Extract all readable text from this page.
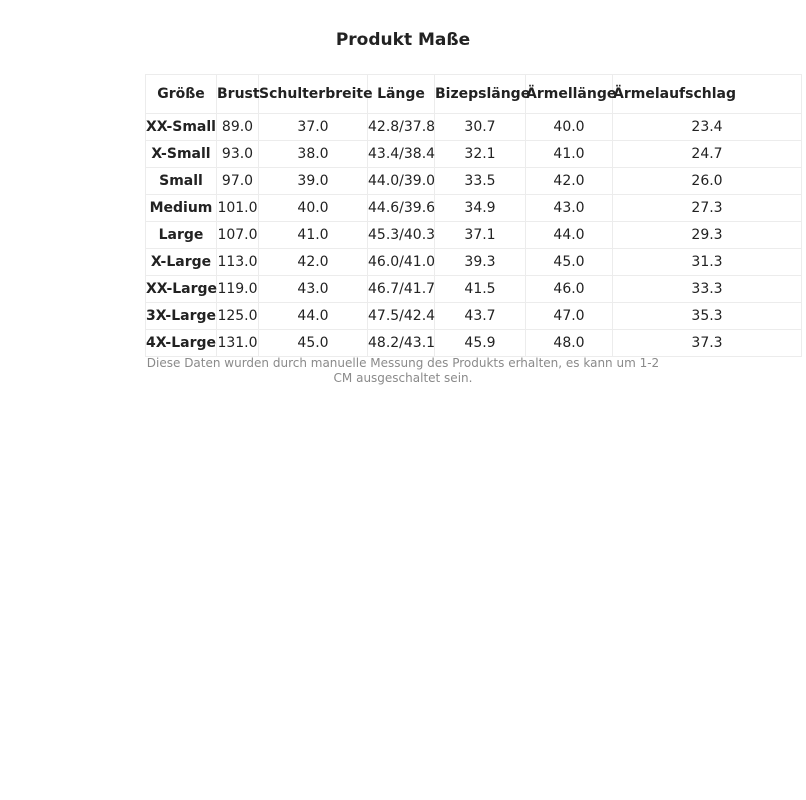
Produkt Maße
Größe	Brust	Schulterbreite	Länge	Bizepslänge	Ärmellänge	Ärmelaufschlag
XX-Small	89.0	37.0	42.8/37.8	30.7	40.0	23.4
X-Small	93.0	38.0	43.4/38.4	32.1	41.0	24.7
Small	97.0	39.0	44.0/39.0	33.5	42.0	26.0
Medium	101.0	40.0	44.6/39.6	34.9	43.0	27.3
Large	107.0	41.0	45.3/40.3	37.1	44.0	29.3
X-Large	113.0	42.0	46.0/41.0	39.3	45.0	31.3
XX-Large	119.0	43.0	46.7/41.7	41.5	46.0	33.3
3X-Large	125.0	44.0	47.5/42.4	43.7	47.0	35.3
4X-Large	131.0	45.0	48.2/43.1	45.9	48.0	37.3

Diese Daten wurden durch manuelle Messung des Produkts erhalten, es kann um 1-2 CM ausgeschaltet sein.
